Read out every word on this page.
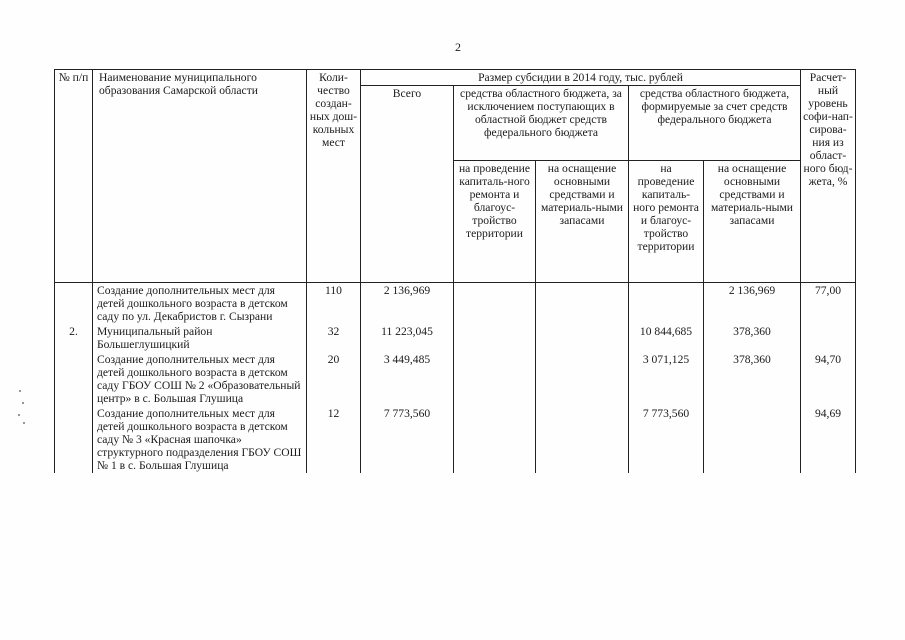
2
№ п/п	Наименование муниципального образования Самарской области	Коли-чество создан-ных дош-кольных мест	Размер субсидии в 2014 году, тыс. рублей					Расчет-ный уровень софи-нап-сирова-ния из област-ного бюд-жета, %
			Всего	средства областного бюджета, за исключением поступающих в областной бюджет средств федерального бюджета		средства областного бюджета, формируемые за счет средств федерального бюджета		
				на проведение капиталь-ного ремонта и благоус-тройство территории	на оснащение основными средствами и материаль-ными запасами	на проведение капиталь-ного ремонта и благоус-тройство территории	на оснащение основными средствами и материаль-ными запасами	
	Создание дополнительных мест для детей дошкольного возраста в детском саду по ул. Декабристов г. Сызрани	110	2 136,969				2 136,969	77,00
2.	Муниципальный район Большеглушицкий	32	11 223,045			10 844,685	378,360	
	Создание дополнительных мест для детей дошкольного возраста в детском саду ГБОУ СОШ № 2 «Образовательный центр» в с. Большая Глушица	20	3 449,485			3 071,125	378,360	94,70
	Создание дополнительных мест для детей дошкольного возраста в детском саду № 3 «Красная шапочка» структурного подразделения ГБОУ СОШ № 1 в с. Большая Глушица	12	7 773,560			7 773,560		94,69
